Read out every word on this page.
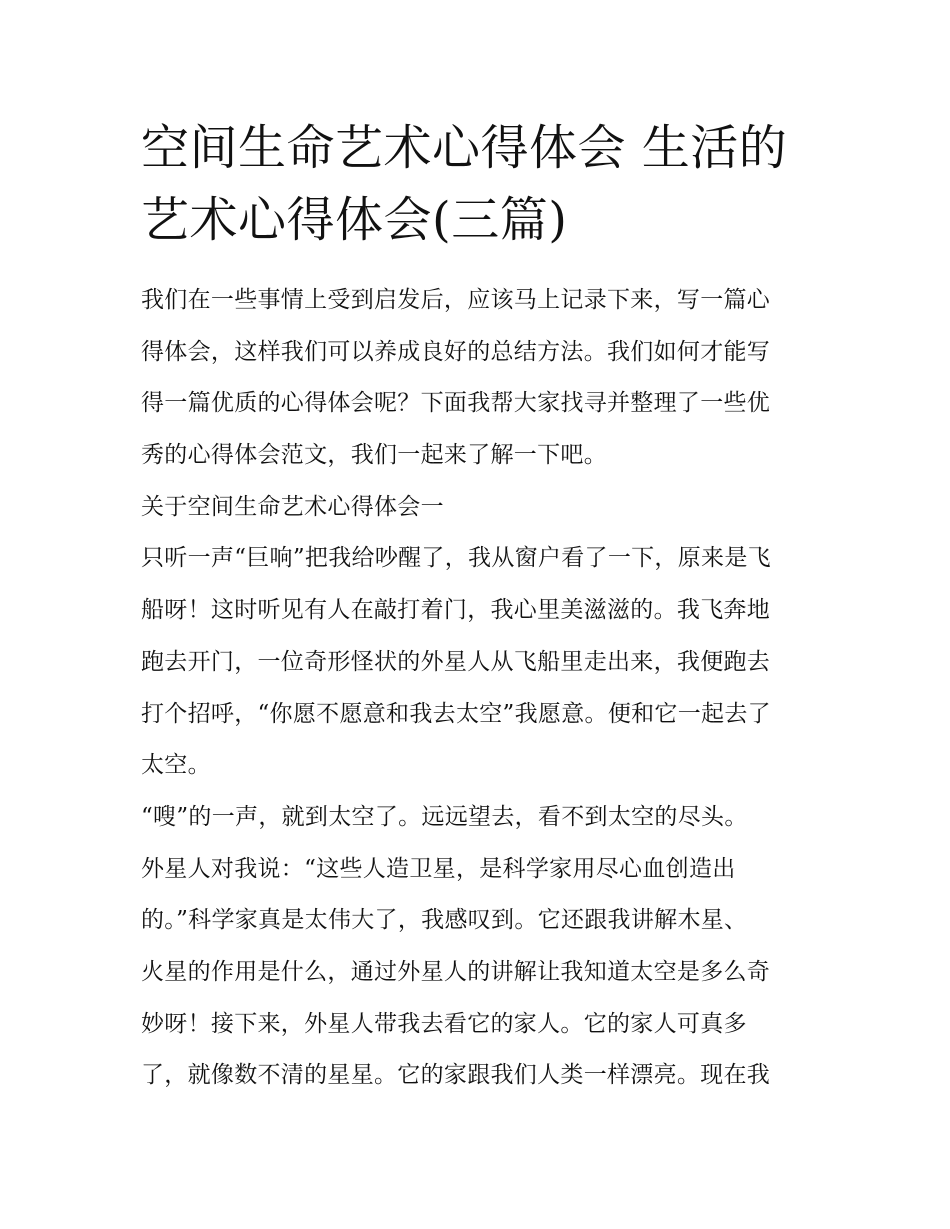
空间生命艺术心得体会 生活的
艺术心得体会(三篇)
我们在一些事情上受到启发后，应该马上记录下来，写一篇心
得体会，这样我们可以养成良好的总结方法。我们如何才能写
得一篇优质的心得体会呢？下面我帮大家找寻并整理了一些优
秀的心得体会范文，我们一起来了解一下吧。
关于空间生命艺术心得体会一
只听一声“巨响”把我给吵醒了，我从窗户看了一下，原来是飞
船呀！这时听见有人在敲打着门，我心里美滋滋的。我飞奔地
跑去开门，一位奇形怪状的外星人从飞船里走出来，我便跑去
打个招呼，“你愿不愿意和我去太空”我愿意。便和它一起去了
太空。
“嗖”的一声，就到太空了。远远望去，看不到太空的尽头。
外星人对我说：“这些人造卫星，是科学家用尽心血创造出
的。”科学家真是太伟大了，我感叹到。它还跟我讲解木星、
火星的作用是什么，通过外星人的讲解让我知道太空是多么奇
妙呀！接下来，外星人带我去看它的家人。它的家人可真多
了，就像数不清的星星。它的家跟我们人类一样漂亮。现在我
